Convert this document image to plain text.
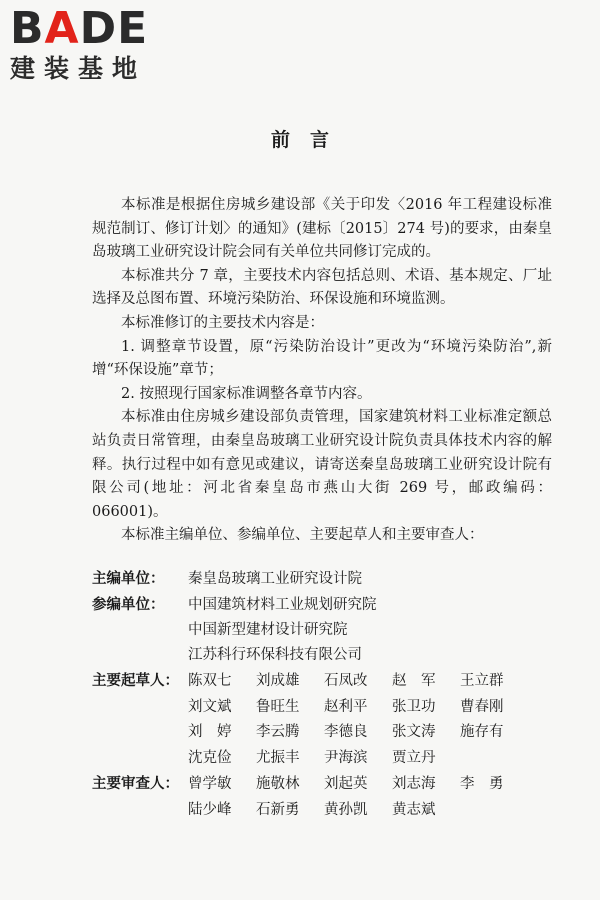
BADE
建装基地
前言

本标准是根据住房城乡建设部《关于印发〈2016 年工程建设标准规范制订、修订计划〉的通知》(建标〔2015〕274 号)的要求，由秦皇岛玻璃工业研究设计院会同有关单位共同修订完成的。

本标准共分 7 章，主要技术内容包括总则、术语、基本规定、厂址选择及总图布置、环境污染防治、环保设施和环境监测。

本标准修订的主要技术内容是：

1. 调整章节设置，原“污染防治设计”更改为“环境污染防治”,新增“环保设施”章节；

2. 按照现行国家标准调整各章节内容。

本标准由住房城乡建设部负责管理，国家建筑材料工业标准定额总站负责日常管理，由秦皇岛玻璃工业研究设计院负责具体技术内容的解释。执行过程中如有意见或建议，请寄送秦皇岛玻璃工业研究设计院有限公司(地址：河北省秦皇岛市燕山大街 269 号，邮政编码：066001)。

本标准主编单位、参编单位、主要起草人和主要审查人：

主编单位：	秦皇岛玻璃工业研究设计院
参编单位：	中国建筑材料工业规划研究院
中国新型建材设计研究院
江苏科行环保科技有限公司
主要起草人： 陈双七	刘成雄	石凤改	赵　军	王立群
刘文斌	鲁旺生	赵利平	张卫功	曹春刚
刘　婷	李云腾	李德良	张文涛	施存有
沈克俭	尤振丰	尹海滨	贾立丹
主要审查人： 曾学敏	施敬林	刘起英	刘志海	李　勇
陆少峰	石新勇	黄孙凯	黄志斌
